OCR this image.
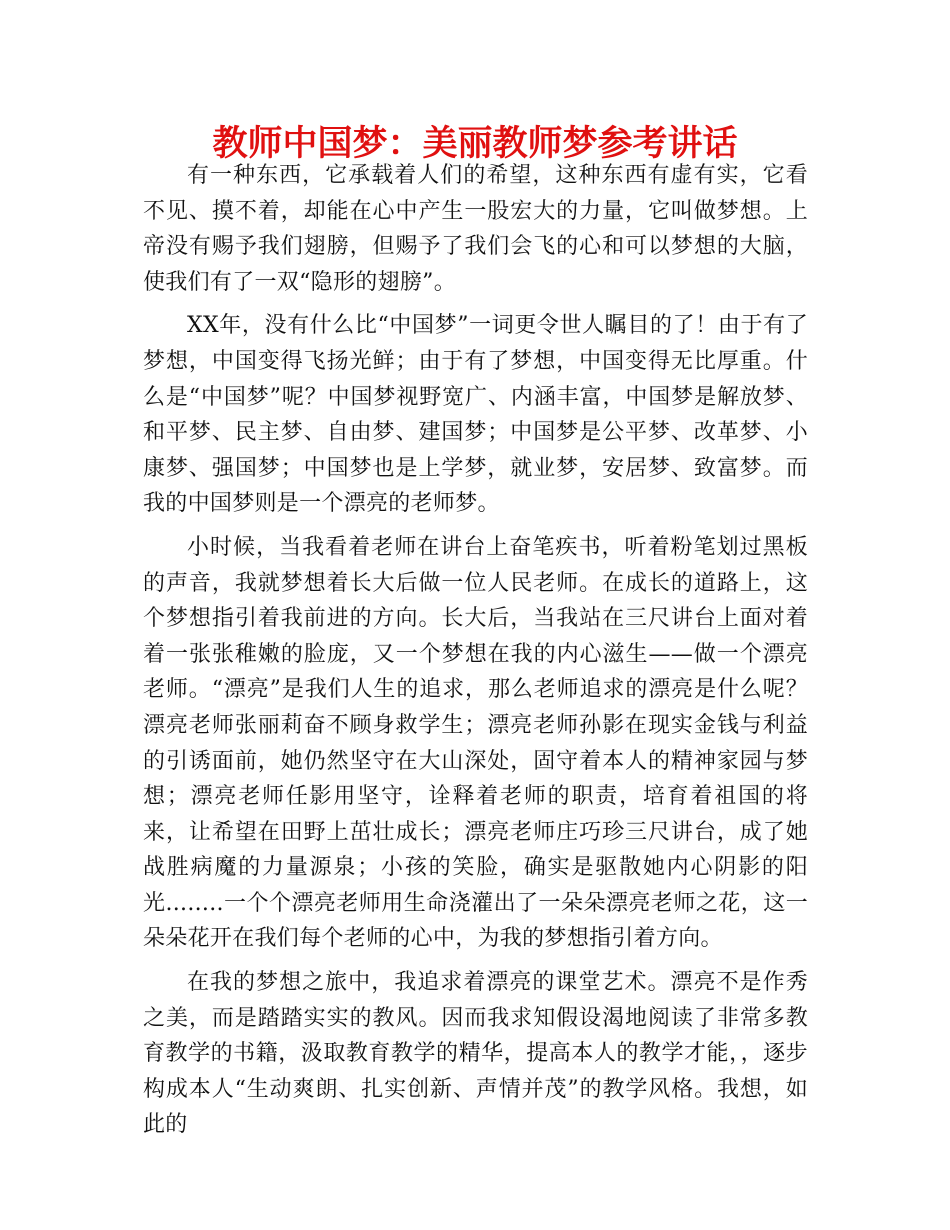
教师中国梦：美丽教师梦参考讲话

有一种东西，它承载着人们的希望，这种东西有虚有实，它看不见、摸不着，却能在心中产生一股宏大的力量，它叫做梦想。上帝没有赐予我们翅膀，但赐予了我们会飞的心和可以梦想的大脑，使我们有了一双“隐形的翅膀”。

XX年，没有什么比“中国梦”一词更令世人瞩目的了！由于有了梦想，中国变得飞扬光鲜；由于有了梦想，中国变得无比厚重。什么是“中国梦”呢？中国梦视野宽广、内涵丰富，中国梦是解放梦、和平梦、民主梦、自由梦、建国梦；中国梦是公平梦、改革梦、小康梦、强国梦；中国梦也是上学梦，就业梦，安居梦、致富梦。而我的中国梦则是一个漂亮的老师梦。

小时候，当我看着老师在讲台上奋笔疾书，听着粉笔划过黑板的声音，我就梦想着长大后做一位人民老师。在成长的道路上，这个梦想指引着我前进的方向。长大后，当我站在三尺讲台上面对着着一张张稚嫩的脸庞，又一个梦想在我的内心滋生——做一个漂亮老师。“漂亮”是我们人生的追求，那么老师追求的漂亮是什么呢？漂亮老师张丽莉奋不顾身救学生；漂亮老师孙影在现实金钱与利益的引诱面前，她仍然坚守在大山深处，固守着本人的精神家园与梦想；漂亮老师任影用坚守，诠释着老师的职责，培育着祖国的将来，让希望在田野上茁壮成长；漂亮老师庄巧珍三尺讲台，成了她战胜病魔的力量源泉；小孩的笑脸，确实是驱散她内心阴影的阳光........一个个漂亮老师用生命浇灌出了一朵朵漂亮老师之花，这一朵朵花开在我们每个老师的心中，为我的梦想指引着方向。

在我的梦想之旅中，我追求着漂亮的课堂艺术。漂亮不是作秀之美，而是踏踏实实的教风。因而我求知假设渴地阅读了非常多教育教学的书籍，汲取教育教学的精华，提高本人的教学才能，，逐步构成本人“生动爽朗、扎实创新、声情并茂”的教学风格。我想，如此的
